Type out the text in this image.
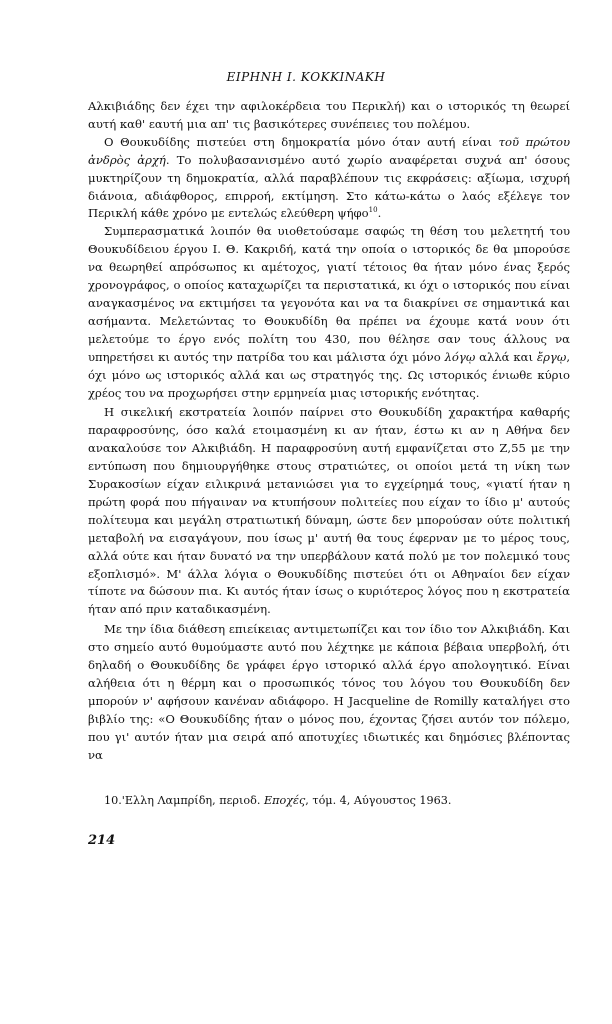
ΕΙΡΗΝΗ Ι. ΚΟΚΚΙΝΑΚΗ

Αλκιβιάδης δεν έχει την αφιλοκέρδεια του Περικλή) και ο ιστορικός τη θεωρεί αυτή καθ' εαυτή μια απ' τις βασικότερες συνέπειες του πολέμου.

Ο Θουκυδίδης πιστεύει στη δημοκρατία μόνο όταν αυτή είναι τοῦ πρώτου ἀνδρὸς ἀρχή. Το πολυβασανισμένο αυτό χωρίο αναφέρεται συχνά απ' όσους μυκτηρίζουν τη δημοκρατία, αλλά παραβλέπουν τις εκφράσεις: αξίωμα, ισχυρή διάνοια, αδιάφθορος, επιρροή, εκτίμηση. Στο κάτω-κάτω ο λαός εξέλεγε τον Περικλή κάθε χρόνο με εντελώς ελεύθερη ψήφο$^{10}$.

Συμπερασματικά λοιπόν θα υιοθετούσαμε σαφώς τη θέση του μελετητή του Θουκυδίδειου έργου Ι. Θ. Κακριδή, κατά την οποία ο ιστορικός δε θα μπορούσε να θεωρηθεί απρόσωπος κι αμέτοχος, γιατί τέτοιος θα ήταν μόνο ένας ξερός χρονογράφος, ο οποίος καταχωρίζει τα περιστατικά, κι όχι ο ιστορικός που είναι αναγκασμένος να εκτιμήσει τα γεγονότα και να τα διακρίνει σε σημαντικά και ασήμαντα. Μελετώντας το Θουκυδίδη θα πρέπει να έχουμε κατά νουν ότι μελετούμε το έργο ενός πολίτη του 430, που θέλησε σαν τους άλλους να υπηρετήσει κι αυτός την πατρίδα του και μάλιστα όχι μόνο λόγῳ αλλά και ἔργῳ, όχι μόνο ως ιστορικός αλλά και ως στρατηγός της. Ως ιστορικός ένιωθε κύριο χρέος του να προχωρήσει στην ερμηνεία μιας ιστορικής ενότητας.

Η σικελική εκστρατεία λοιπόν παίρνει στο Θουκυδίδη χαρακτήρα καθαρής παραφροσύνης, όσο καλά ετοιμασμένη κι αν ήταν, έστω κι αν η Αθήνα δεν ανακαλούσε τον Αλκιβιάδη. Η παραφροσύνη αυτή εμφανίζεται στο Ζ,55 με την εντύπωση που δημιουργήθηκε στους στρατιώτες, οι οποίοι μετά τη νίκη των Συρακοσίων είχαν ειλικρινά μετανιώσει για το εγχείρημά τους, «γιατί ήταν η πρώτη φορά που πήγαιναν να κτυπήσουν πολιτείες που είχαν το ίδιο μ' αυτούς πολίτευμα και μεγάλη στρατιωτική δύναμη, ώστε δεν μπορούσαν ούτε πολιτική μεταβολή να εισαγάγουν, που ίσως μ' αυτή θα τους έφερναν με το μέρος τους, αλλά ούτε και ήταν δυνατό να την υπερβάλουν κατά πολύ με τον πολεμικό τους εξοπλισμό». Μ' άλλα λόγια ο Θουκυδίδης πιστεύει ότι οι Αθηναίοι δεν είχαν τίποτε να δώσουν πια. Κι αυτός ήταν ίσως ο κυριότερος λόγος που η εκστρατεία ήταν από πριν καταδικασμένη.

Με την ίδια διάθεση επιείκειας αντιμετωπίζει και τον ίδιο τον Αλκιβιάδη. Και στο σημείο αυτό θυμούμαστε αυτό που λέχτηκε με κάποια βέβαια υπερβολή, ότι δηλαδή ο Θουκυδίδης δε γράφει έργο ιστορικό αλλά έργο απολογητικό. Είναι αλήθεια ότι η θέρμη και ο προσωπικός τόνος του λόγου του Θουκυδίδη δεν μπορούν ν' αφήσουν κανέναν αδιάφορο. Η Jacqueline de Romilly καταλήγει στο βιβλίο της: «Ο Θουκυδίδης ήταν ο μόνος που, έχοντας ζήσει αυτόν τον πόλεμο, που γι' αυτόν ήταν μια σειρά από αποτυχίες ιδιωτικές και δημόσιες βλέποντας να

10.'Ελλη Λαμπρίδη, περιοδ. Εποχές, τόμ. 4, Αύγουστος 1963.
214
